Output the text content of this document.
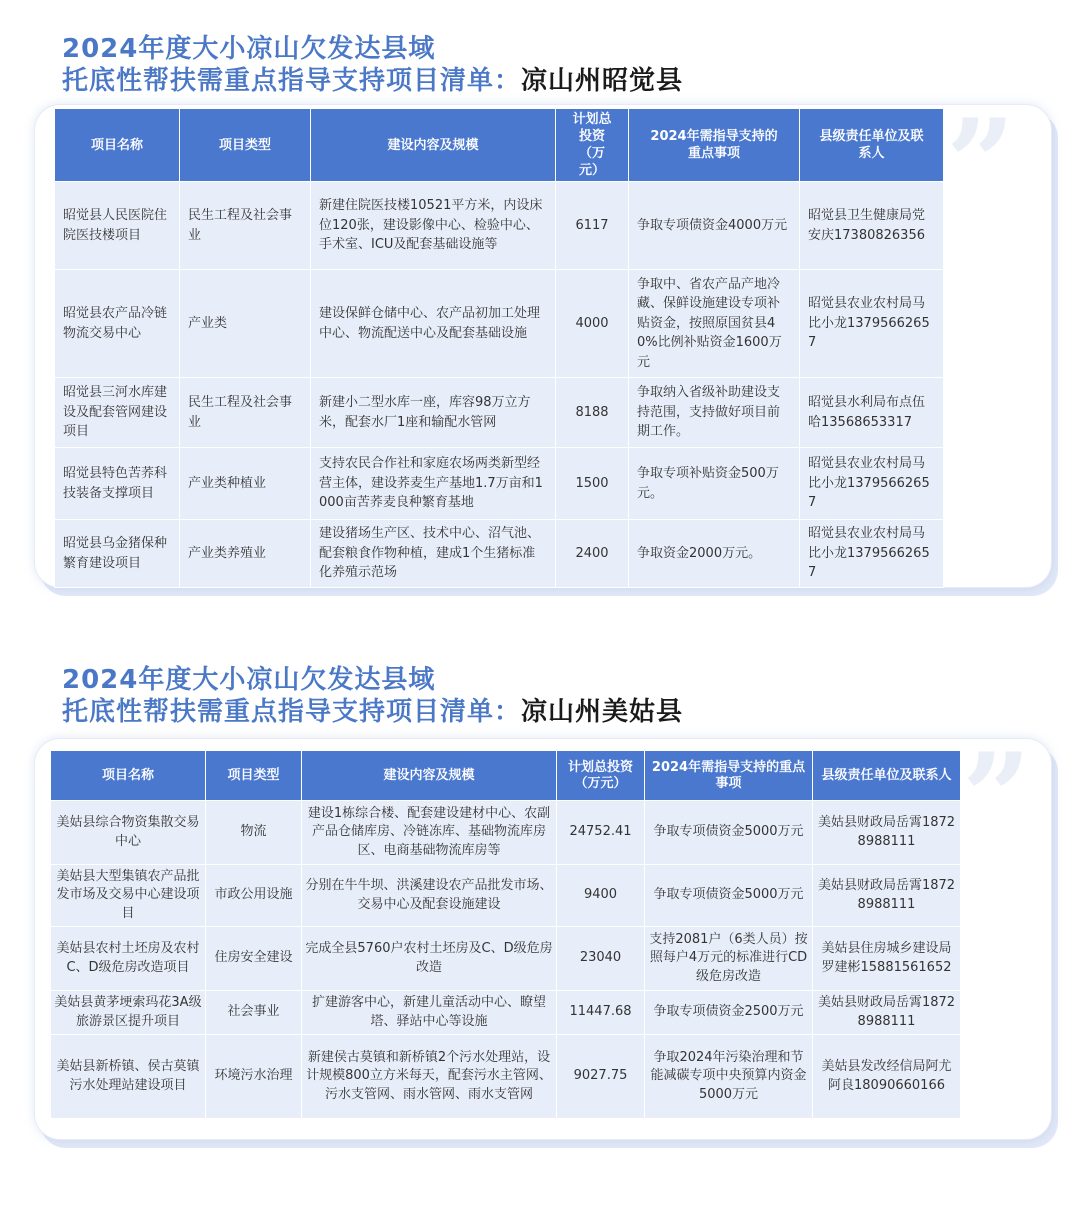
2024年度大小凉山欠发达县域
托底性帮扶需重点指导支持项目清单：凉山州昭觉县
”
项目名称	项目类型	建设内容及规模	计划总投资（万元）	2024年需指导支持的重点事项	县级责任单位及联系人
昭觉县人民医院住院医技楼项目	民生工程及社会事业	新建住院医技楼10521平方米，内设床位120张，建设影像中心、检验中心、手术室、ICU及配套基础设施等	6117	争取专项债资金4000万元	昭觉县卫生健康局党安庆17380826356
昭觉县农产品冷链物流交易中心	产业类	建设保鲜仓储中心、农产品初加工处理中心、物流配送中心及配套基础设施	4000	争取中、省农产品产地冷藏、保鲜设施建设专项补贴资金，按照原国贫县40%比例补贴资金1600万元	昭觉县农业农村局马比小龙13795662657
昭觉县三河水库建设及配套管网建设项目	民生工程及社会事业	新建小二型水库一座，库容98万立方米，配套水厂1座和输配水管网	8188	争取纳入省级补助建设支持范围，支持做好项目前期工作。	昭觉县水利局布点伍哈13568653317
昭觉县特色苦荞科技装备支撑项目	产业类种植业	支持农民合作社和家庭农场两类新型经营主体，建设荞麦生产基地1.7万亩和1000亩苦荞麦良种繁育基地	1500	争取专项补贴资金500万元。	昭觉县农业农村局马比小龙13795662657
昭觉县乌金猪保种繁育建设项目	产业类养殖业	建设猪场生产区、技术中心、沼气池、配套粮食作物种植，建成1个生猪标准化养殖示范场	2400	争取资金2000万元。	昭觉县农业农村局马比小龙13795662657
2024年度大小凉山欠发达县域
托底性帮扶需重点指导支持项目清单：凉山州美姑县
”
项目名称	项目类型	建设内容及规模	计划总投资（万元）	2024年需指导支持的重点事项	县级责任单位及联系人
美姑县综合物资集散交易中心	物流	建设1栋综合楼、配套建设建材中心、农副产品仓储库房、冷链冻库、基础物流库房区、电商基础物流库房等	24752.41	争取专项债资金5000万元	美姑县财政局岳霄18728988111
美姑县大型集镇农产品批发市场及交易中心建设项目	市政公用设施	分别在牛牛坝、洪溪建设农产品批发市场、交易中心及配套设施建设	9400	争取专项债资金5000万元	美姑县财政局岳霄18728988111
美姑县农村土坯房及农村C、D级危房改造项目	住房安全建设	完成全县5760户农村土坯房及C、D级危房改造	23040	支持2081户（6类人员）按照每户4万元的标准进行CD级危房改造	美姑县住房城乡建设局罗建彬15881561652
美姑县黄茅埂索玛花3A级旅游景区提升项目	社会事业	扩建游客中心，新建儿童活动中心、瞭望塔、驿站中心等设施	11447.68	争取专项债资金2500万元	美姑县财政局岳霄18728988111
美姑县新桥镇、侯古莫镇污水处理站建设项目	环境污水治理	新建侯古莫镇和新桥镇2个污水处理站，设计规模800立方米每天，配套污水主管网、污水支管网、雨水管网、雨水支管网	9027.75	争取2024年污染治理和节能减碳专项中央预算内资金5000万元	美姑县发改经信局阿尤阿良18090660166
